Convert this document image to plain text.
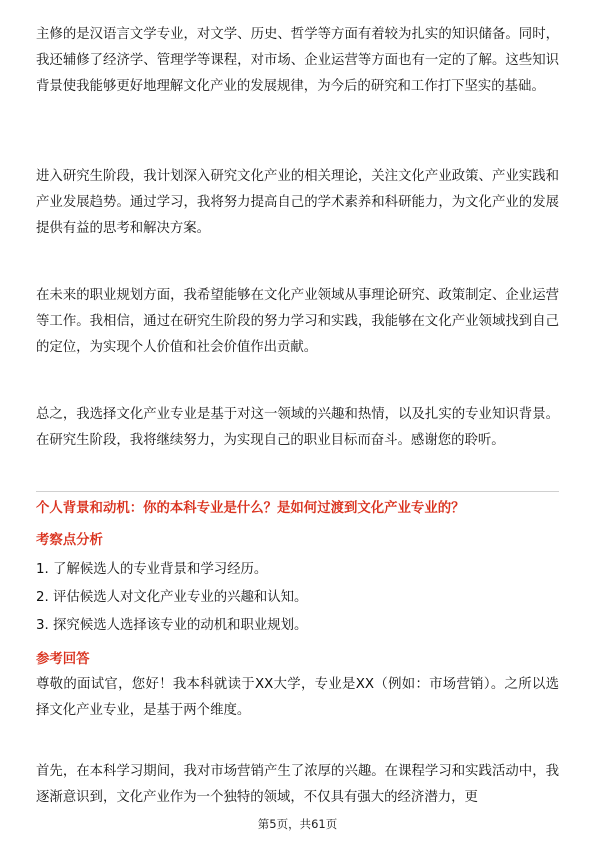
主修的是汉语言文学专业，对文学、历史、哲学等方面有着较为扎实的知识储备。同时，我还辅修了经济学、管理学等课程，对市场、企业运营等方面也有一定的了解。这些知识背景使我能够更好地理解文化产业的发展规律，为今后的研究和工作打下坚实的基础。

进入研究生阶段，我计划深入研究文化产业的相关理论，关注文化产业政策、产业实践和产业发展趋势。通过学习，我将努力提高自己的学术素养和科研能力，为文化产业的发展提供有益的思考和解决方案。

在未来的职业规划方面，我希望能够在文化产业领域从事理论研究、政策制定、企业运营等工作。我相信，通过在研究生阶段的努力学习和实践，我能够在文化产业领域找到自己的定位，为实现个人价值和社会价值作出贡献。

总之，我选择文化产业专业是基于对这一领域的兴趣和热情，以及扎实的专业知识背景。在研究生阶段，我将继续努力，为实现自己的职业目标而奋斗。感谢您的聆听。

个人背景和动机：你的本科专业是什么？是如何过渡到文化产业专业的？

考察点分析

1. 了解候选人的专业背景和学习经历。
2. 评估候选人对文化产业专业的兴趣和认知。
3. 探究候选人选择该专业的动机和职业规划。

参考回答

尊敬的面试官，您好！我本科就读于XX大学，专业是XX（例如：市场营销）。之所以选择文化产业专业，是基于两个维度。

首先，在本科学习期间，我对市场营销产生了浓厚的兴趣。在课程学习和实践活动中，我逐渐意识到，文化产业作为一个独特的领域，不仅具有强大的经济潜力，更

第5页，共61页
